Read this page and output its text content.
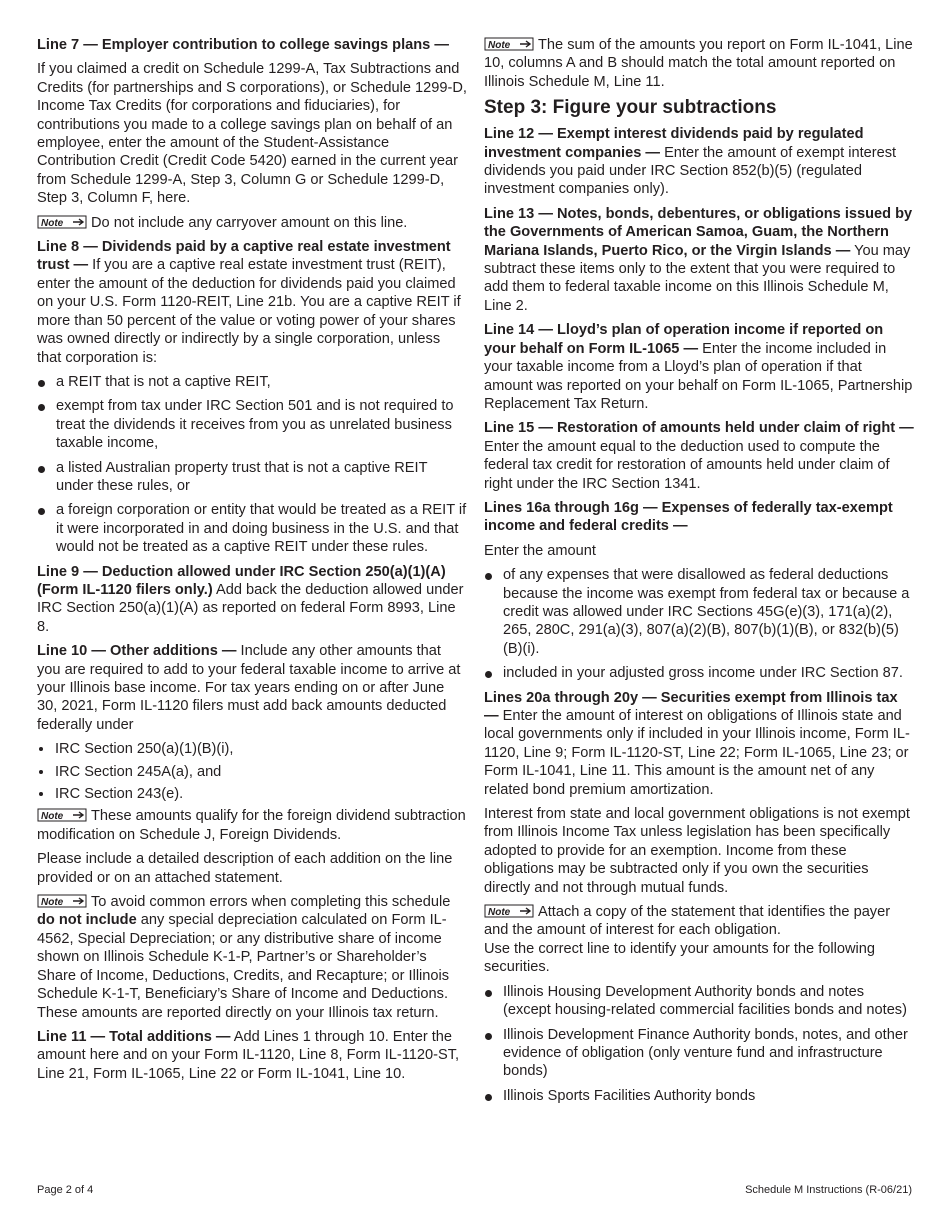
Line 7 — Employer contribution to college savings plans —

If you claimed a credit on Schedule 1299-A, Tax Subtractions and Credits (for partnerships and S corporations), or Schedule 1299-D, Income Tax Credits (for corporations and fiduciaries), for contributions you made to a college savings plan on behalf of an employee, enter the amount of the Student-Assistance Contribution Credit (Credit Code 5420) earned in the current year from Schedule 1299-A, Step 3, Column G or Schedule 1299-D, Step 3, Column F, here.

Note Do not include any carryover amount on this line.

Line 8 — Dividends paid by a captive real estate investment trust — If you are a captive real estate investment trust (REIT), enter the amount of the deduction for dividends paid you claimed on your U.S. Form 1120-REIT, Line 21b. You are a captive REIT if more than 50 percent of the value or voting power of your shares was owned directly or indirectly by a single corporation, unless that corporation is:

a REIT that is not a captive REIT,
exempt from tax under IRC Section 501 and is not required to treat the dividends it receives from you as unrelated business taxable income,
a listed Australian property trust that is not a captive REIT under these rules, or
a foreign corporation or entity that would be treated as a REIT if it were incorporated in and doing business in the U.S. and that would not be treated as a captive REIT under these rules.

Line 9 — Deduction allowed under IRC Section 250(a)(1)(A) (Form IL-1120 filers only.) Add back the deduction allowed under IRC Section 250(a)(1)(A) as reported on federal Form 8993, Line 8.

Line 10 — Other additions — Include any other amounts that you are required to add to your federal taxable income to arrive at your Illinois base income. For tax years ending on or after June 30, 2021, Form IL-1120 filers must add back amounts deducted federally under

IRC Section 250(a)(1)(B)(i),
IRC Section 245A(a), and
IRC Section 243(e).

Note These amounts qualify for the foreign dividend subtraction modification on Schedule J, Foreign Dividends.

Please include a detailed description of each addition on the line provided or on an attached statement.

Note To avoid common errors when completing this schedule do not include any special depreciation calculated on Form IL-4562, Special Depreciation; or any distributive share of income shown on Illinois Schedule K-1-P, Partner’s or Shareholder’s Share of Income, Deductions, Credits, and Recapture; or Illinois Schedule K-1-T, Beneficiary’s Share of Income and Deductions. These amounts are reported directly on your Illinois tax return.

Line 11 — Total additions — Add Lines 1 through 10. Enter the amount here and on your Form IL-1120, Line 8, Form IL-1120-ST, Line 21, Form IL-1065, Line 22 or Form IL-1041, Line 10.

Note The sum of the amounts you report on Form IL-1041, Line 10, columns A and B should match the total amount reported on Illinois Schedule M, Line 11.

Step 3: Figure your subtractions

Line 12 — Exempt interest dividends paid by regulated investment companies — Enter the amount of exempt interest dividends you paid under IRC Section 852(b)(5) (regulated investment companies only).

Line 13 — Notes, bonds, debentures, or obligations issued by the Governments of American Samoa, Guam, the Northern Mariana Islands, Puerto Rico, or the Virgin Islands — You may subtract these items only to the extent that you were required to add them to federal taxable income on this Illinois Schedule M, Line 2.

Line 14 — Lloyd’s plan of operation income if reported on your behalf on Form IL-1065 — Enter the income included in your taxable income from a Lloyd’s plan of operation if that amount was reported on your behalf on Form IL-1065, Partnership Replacement Tax Return.

Line 15 — Restoration of amounts held under claim of right — Enter the amount equal to the deduction used to compute the federal tax credit for restoration of amounts held under claim of right under the IRC Section 1341.

Lines 16a through 16g — Expenses of federally tax-exempt income and federal credits —

Enter the amount

of any expenses that were disallowed as federal deductions because the income was exempt from federal tax or because a credit was allowed under IRC Sections 45G(e)(3), 171(a)(2), 265, 280C, 291(a)(3), 807(a)(2)(B), 807(b)(1)(B), or 832(b)(5)(B)(i).
included in your adjusted gross income under IRC Section 87.

Lines 20a through 20y — Securities exempt from Illinois tax — Enter the amount of interest on obligations of Illinois state and local governments only if included in your Illinois income, Form IL-1120, Line 9; Form IL-1120-ST, Line 22; Form IL-1065, Line 23; or Form IL-1041, Line 11. This amount is the amount net of any related bond premium amortization.

Interest from state and local government obligations is not exempt from Illinois Income Tax unless legislation has been specifically adopted to provide for an exemption. Income from these obligations may be subtracted only if you own the securities directly and not through mutual funds.

Note Attach a copy of the statement that identifies the payer and the amount of interest for each obligation.

Use the correct line to identify your amounts for the following securities.

Illinois Housing Development Authority bonds and notes (except housing-related commercial facilities bonds and notes)
Illinois Development Finance Authority bonds, notes, and other evidence of obligation (only venture fund and infrastructure bonds)
Illinois Sports Facilities Authority bonds
Page 2 of 4	Schedule M Instructions (R-06/21)
